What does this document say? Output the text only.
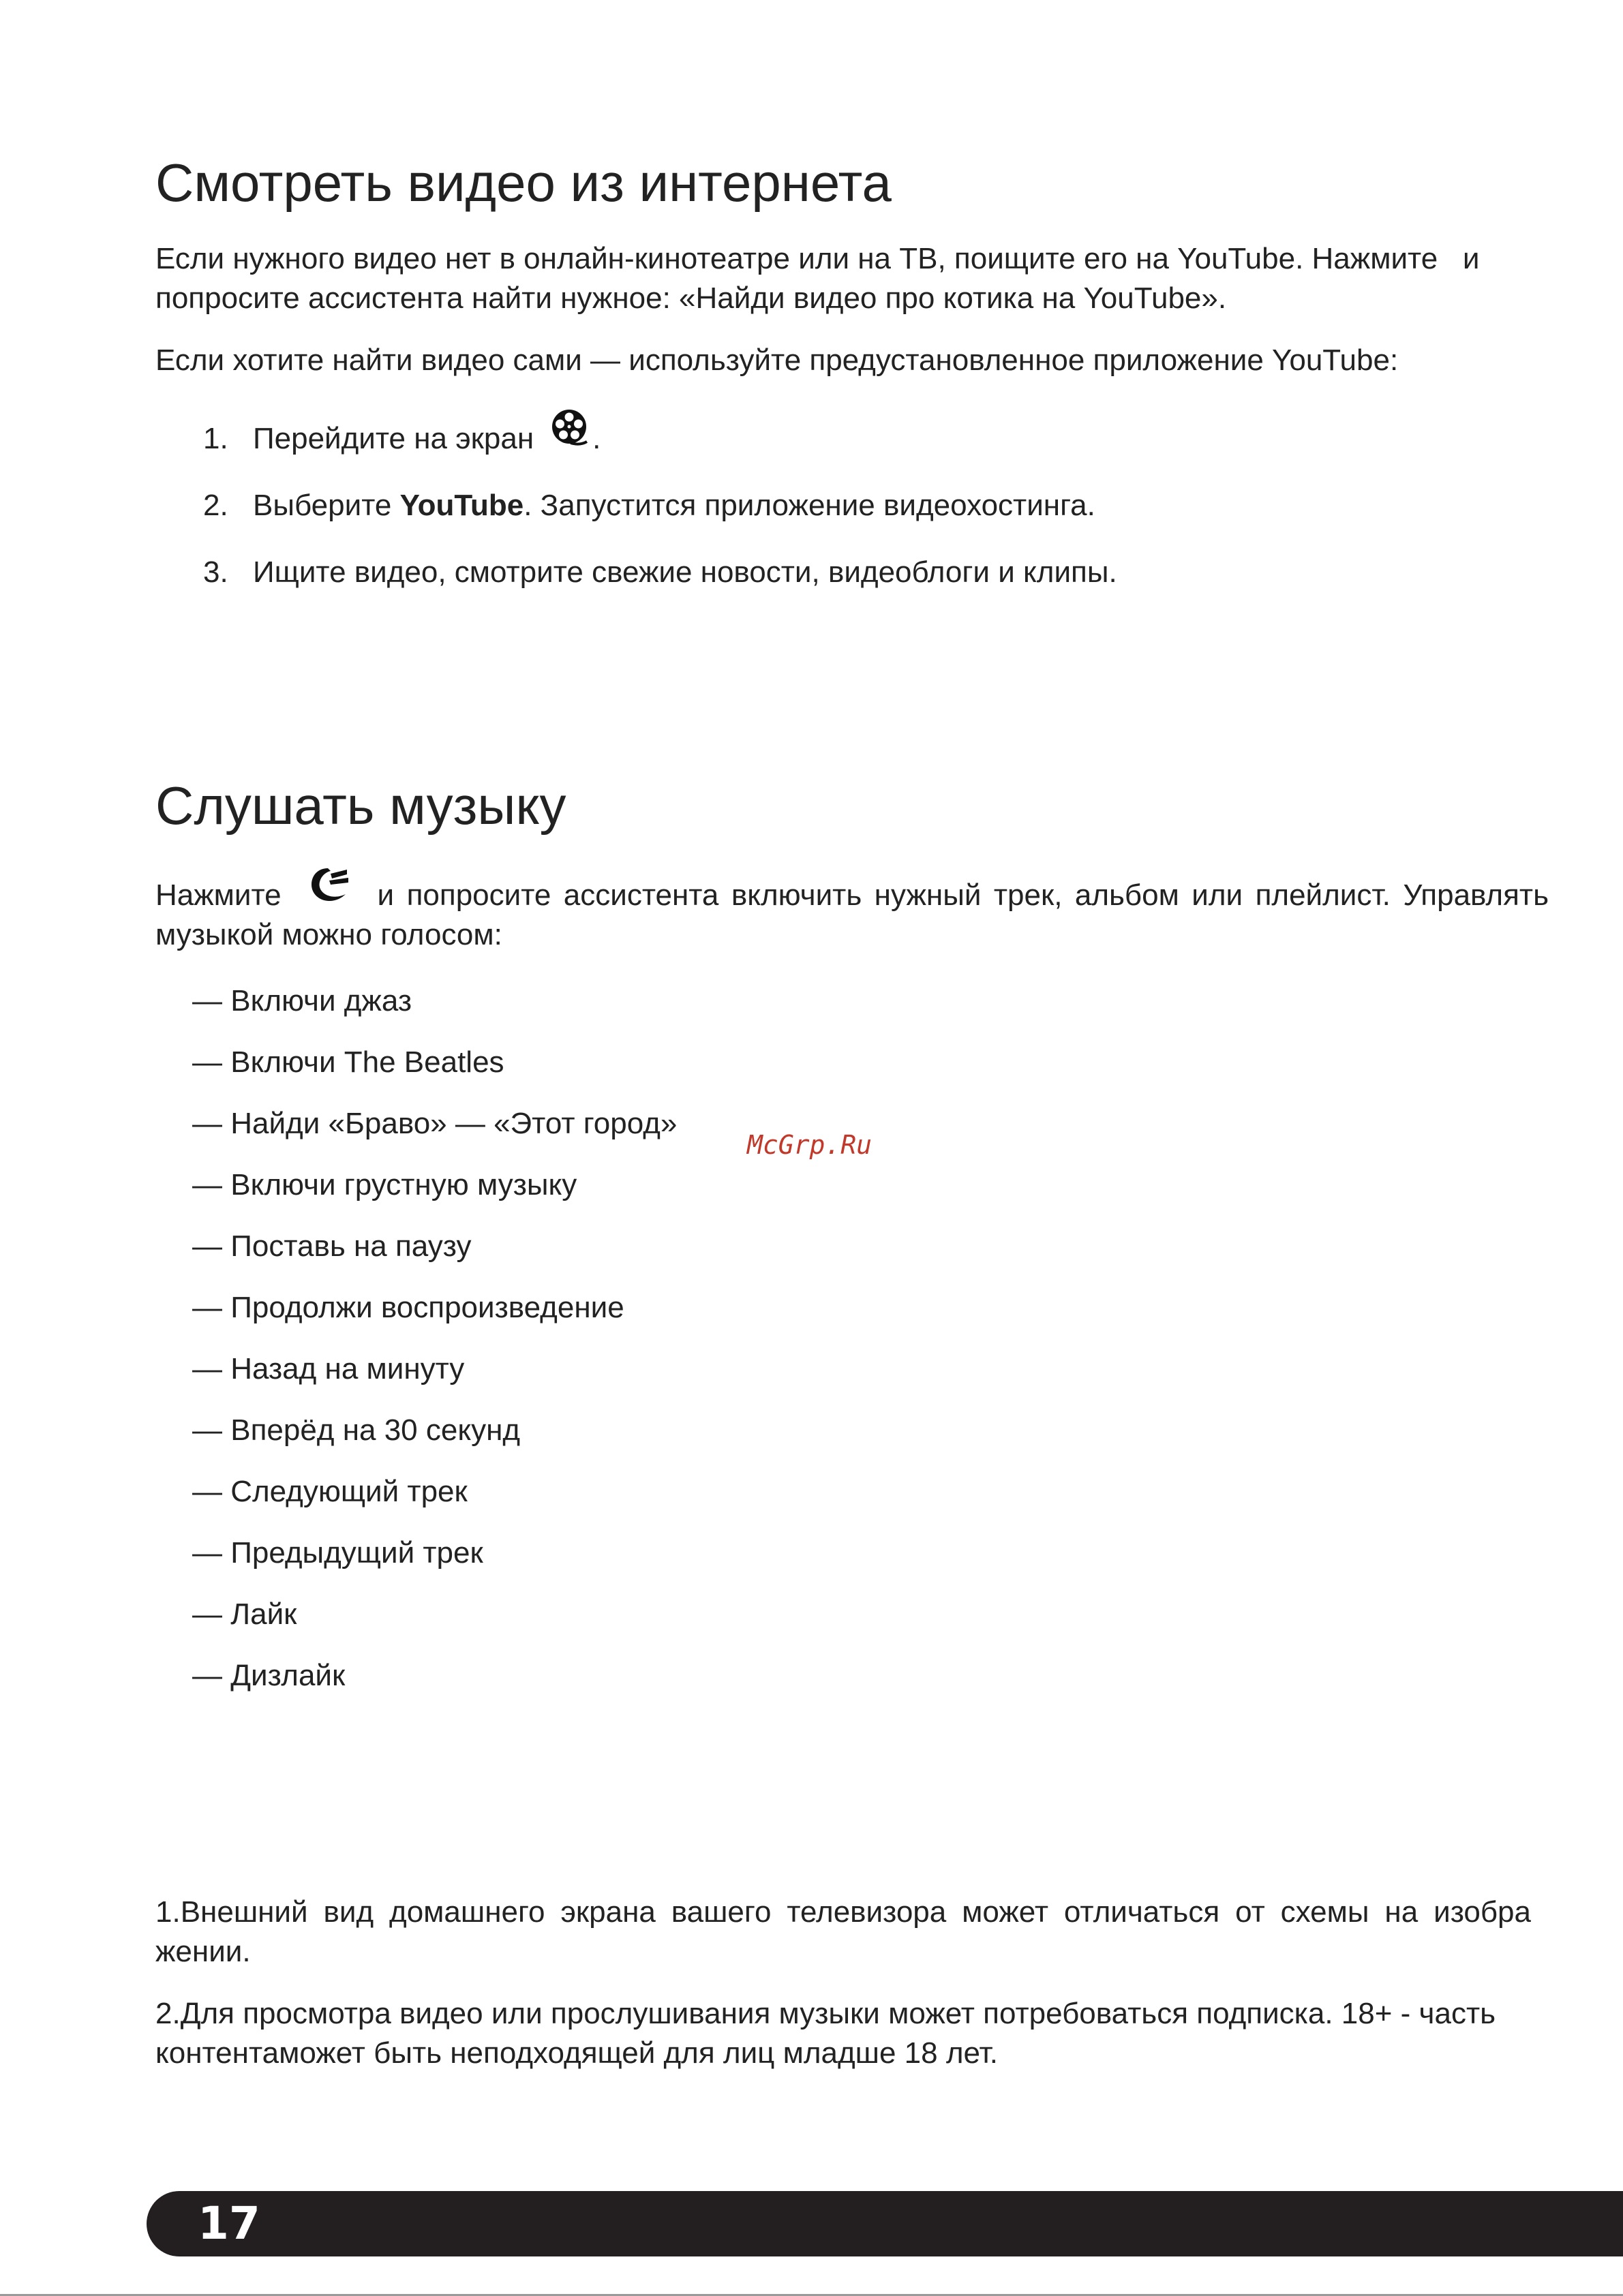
Смотреть видео из интернета

Если нужного видео нет в онлайн-кинотеатре или на ТВ, поищите его на YouTube. Нажмите и попросите ассистента найти нужное: «Найди видео про котика на YouTube».

Если хотите найти видео сами — используйте предустановленное приложение YouTube:

1. Перейдите на экран .
2. Выберите
YouTube . Запустится приложение видеохостинга.
3. Ищите видео, смотрите свежие новости, видеоблоги и клипы.
Слушать музыку

Нажмите	и попросите ассистента включить нужный трек, альбом или плейлист. Управлять музыкой можно голосом:

— Включи джаз
— Включи The Beatles
— Найди «Браво» — «Этот город»
— Включи грустную музыку
— Поставь на паузу
— Продолжи воспроизведение
— Назад на минуту
— Вперёд на 30 секунд
— Следующий трек
— Предыдущий трек
— Лайк
— Дизлайк
McGrp.Ru

1.Внешний вид домашнего экрана вашего телевизора может отличаться от схемы на изобра жении.

2.Для просмотра видео или прослушивания музыки может потребоваться подписка. 18+ - часть контентаможет быть неподходящей для лиц младше 18 лет.

17
